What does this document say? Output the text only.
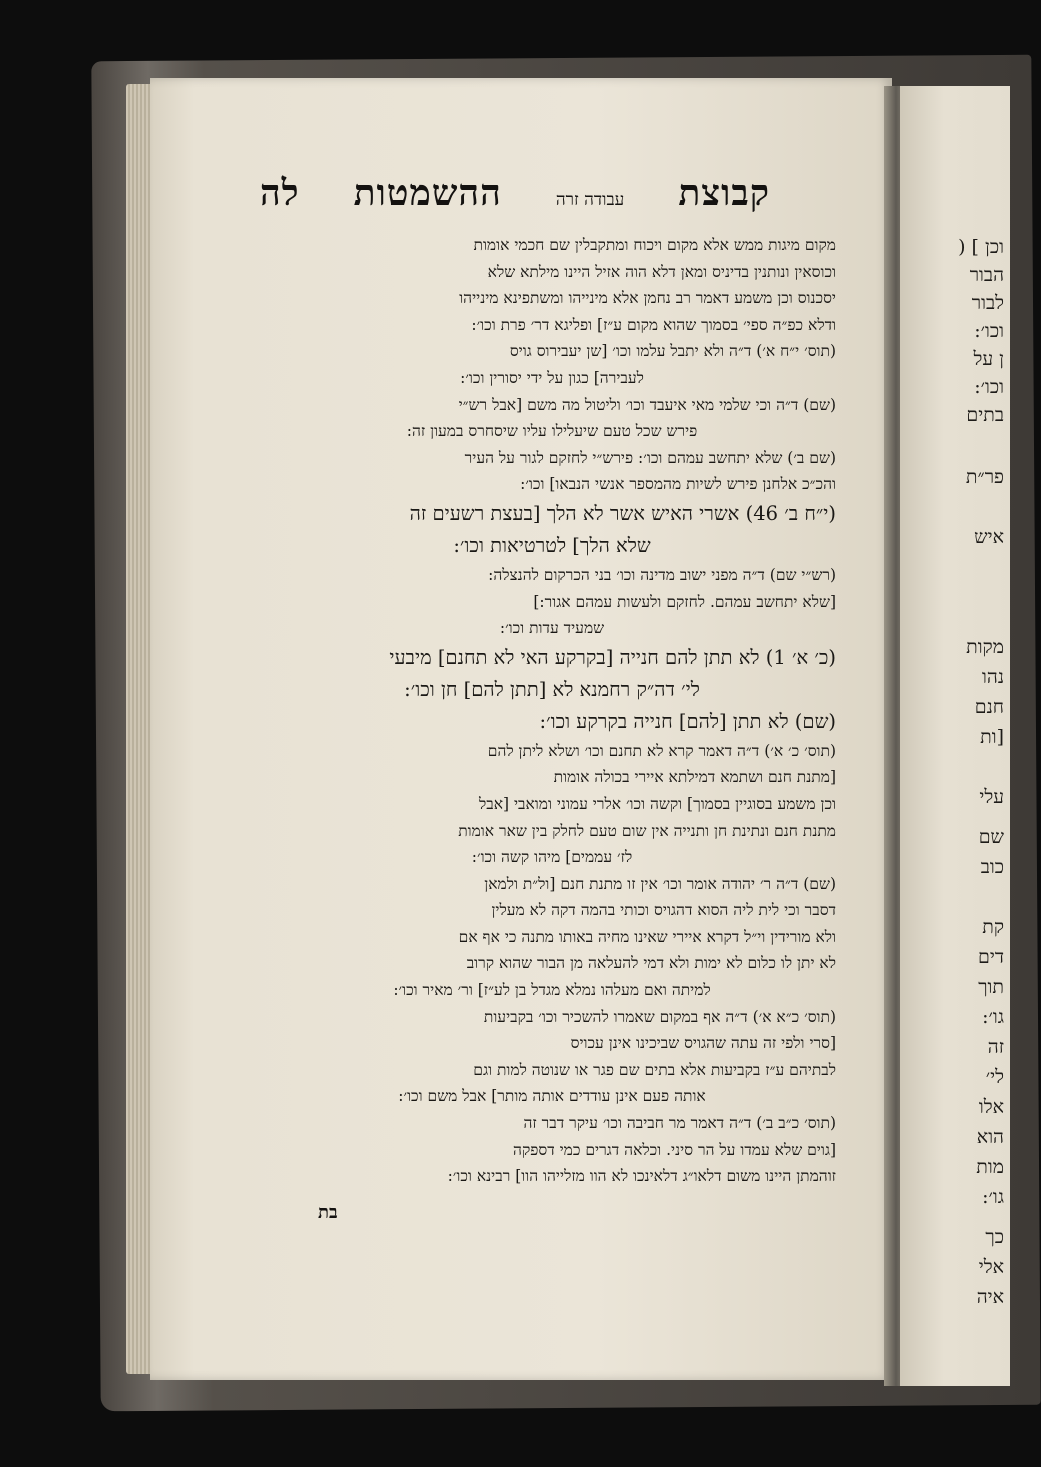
וכן ] (
הבור
לבור
וכו׳:
ן על
וכו׳:
בתים
פר״ת
איש
מקות
נהו
חנם
[ות
עלי
שם
כוב
קת
דים
תוך
גו׳:
זה
לי׳
אלו
הוא
מות
גו׳:
כך
אלי
איה
קבוצת
עבודה זרה
ההשמטות
לה
מקום מיגות ממש אלא מקום ויכוח ומתקבלין שם חכמי אומות
וכוסאין ונותנין בדיניס ומאן דלא הוה אזיל היינו מילתא שלא
יסכנוס וכן משמע דאמר רב נחמן אלא מינייהו ומשתפינא מינייהו
ודלא כפ״ה ספי׳ בסמוך שהוא מקום ע״ז] ופליגא דר׳ פרת וכו׳:
(תוס׳ י״ח א׳) ד״ה ולא יתבל עלמו וכו׳ [שן יעבירוס גויס
לעבירה] כגון על ידי יסורין וכו׳:
(שם) ד״ה וכי שלמי מאי איעבד וכו׳ וליטול מה משם [אבל רש״י
פירש שכל טעם שיעלילו עליו שיסחרס במעון זה:
(שם ב׳) שלא יתחשב עמהם וכו׳: פירש״י לחזקם לגור על העיר
והכ״כ אלחנן פירש לשיות מהמספר אנשי הנבאו] וכו׳:
(י״ח ב׳ 46) אשרי האיש אשר לא הלך [בעצת רשעים זה
שלא הלך] לטרטיאות וכו׳:
(רש״י שם) ד״ה מפני ישוב מדינה וכו׳ בני הכרקום להנצלה:
[שלא יתחשב עמהם. לחזקם ולעשות עמהם אגור:]
שמעיד עדות וכו׳:
(כ׳ א׳ 1) לא תתן להם חנייה [בקרקע האי לא תחנם] מיבעי
לי׳ דה״ק רחמנא לא [תתן להם] חן וכו׳:
(שם) לא תתן [להם] חנייה בקרקע וכו׳:
(תוס׳ כ׳ א׳) ד״ה דאמר קרא לא תחנם וכו׳ ושלא ליתן להם
[מתנת חנם ושתמא דמילתא איירי בכולה אומות
וכן משמע בסוגיין בסמוך] וקשה וכו׳ אלרי עמוני ומואבי [אבל
מתנת חנם ונתינת חן ותנייה אין שום טעם לחלק בין שאר אומות
לז׳ עממים] מיהו קשה וכו׳:
(שם) ד״ה ר׳ יהודה אומר וכו׳ אין זו מתנת חנם [ול״ת ולמאן
דסבר וכי לית ליה הסוא דהגויס וכותי בהמה דקה לא מעלין
ולא מורידין וי״ל דקרא איירי שאינו מחיה באותו מתנה כי אף אם
לא יתן לו כלום לא ימות ולא דמי להעלאה מן הבור שהוא קרוב
למיתה ואם מעלהו נמלא מגדל בן לע״ז] ור׳ מאיר וכו׳:
(תוס׳ כ״א א׳) ד״ה אף במקום שאמרו להשכיר וכו׳ בקביעות
[סרי ולפי זה עתה שהגויס שביכינו אינן עכויס
לבתיהם ע״ז בקביעות אלא בתים שם פגר או שנוטה למות וגם
אותה פעם אינן עודדים אותה מותר] אבל משם וכו׳:
(תוס׳ כ״ב ב׳) ד״ה דאמר מר חביבה וכו׳ עיקר דבר זה
[גוים שלא עמדו על הר סיני. וכלאה דגרים כמי דספקה
זוהמתן היינו משום דלאו״ג דלאינכו לא הוו מזלייהו הוו] רבינא וכו׳:
בת
